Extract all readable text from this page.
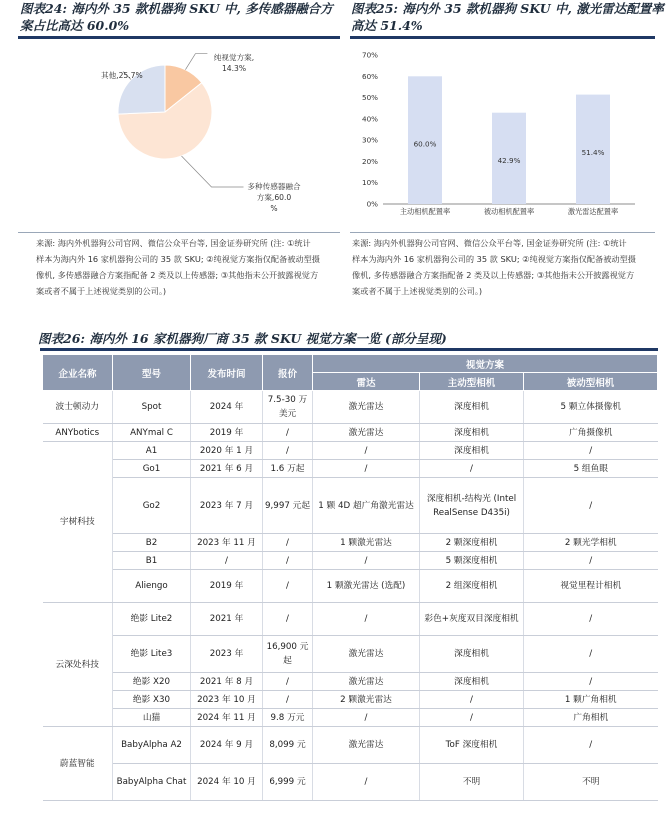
图表24: 海内外 35 款机器狗 SKU 中, 多传感器融合方
案占比高达 60.0%
图表25: 海内外 35 款机器狗 SKU 中, 激光雷达配置率
高达 51.4%
纯视觉方案, 14.3%
多种传感器融合方案,60.0 %
其他,25.7%
0%
10%
20%
30%
40%
50%
60%
70%
60.0%
42.9%
51.4%
主动相机配置率	被动相机配置率	激光雷达配置率
来源: 海内外机器狗公司官网、微信公众平台等, 国金证券研究所 (注: ①统计
样本为海内外 16 家机器狗公司的 35 款 SKU; ②纯视觉方案指仅配备被动型摄
像机, 多传感器融合方案指配备 2 类及以上传感器; ③其他指未公开披露视觉方
案或者不属于上述视觉类别的公司。)
来源: 海内外机器狗公司官网、微信公众平台等, 国金证券研究所 (注: ①统计
样本为海内外 16 家机器狗公司的 35 款 SKU; ②纯视觉方案指仅配备被动型摄
像机, 多传感器融合方案指配备 2 类及以上传感器; ③其他指未公开披露视觉方
案或者不属于上述视觉类别的公司。)
图表26: 海内外 16 家机器狗厂商 35 款 SKU 视觉方案一览 (部分呈现)
企业名称	型号	发布时间	报价	视觉方案		
				雷达	主动型相机	被动型相机
波士顿动力	Spot	2024 年	7.5-30 万美元	激光雷达	深度相机	5 颗立体摄像机
ANYbotics	ANYmal C	2019 年	/	激光雷达	深度相机	广角摄像机
宇树科技	A1	2020 年 1 月	/	/	深度相机	/
	Go1	2021 年 6 月	1.6 万起	/	/	5 组鱼眼
	Go2	2023 年 7 月	9,997 元起	1 颗 4D 超广角激光雷达	深度相机-结构光 (Intel RealSense D435i)	/
	B2	2023 年 11 月	/	1 颗激光雷达	2 颗深度相机	2 颗光学相机
	B1	/	/	/	5 颗深度相机	/
	Aliengo	2019 年	/	1 颗激光雷达 (选配)	2 组深度相机	视觉里程计相机
云深处科技	绝影 Lite2	2021 年	/	/	彩色+灰度双目深度相机	/
	绝影 Lite3	2023 年	16,900 元起	激光雷达	深度相机	/
	绝影 X20	2021 年 8 月	/	激光雷达	深度相机	/
	绝影 X30	2023 年 10 月	/	2 颗激光雷达	/	1 颗广角相机
	山猫	2024 年 11 月	9.8 万元	/	/	广角相机
蔚蓝智能	BabyAlpha A2	2024 年 9 月	8,099 元	激光雷达	ToF 深度相机	/
	BabyAlpha Chat	2024 年 10 月	6,999 元	/	不明	不明
